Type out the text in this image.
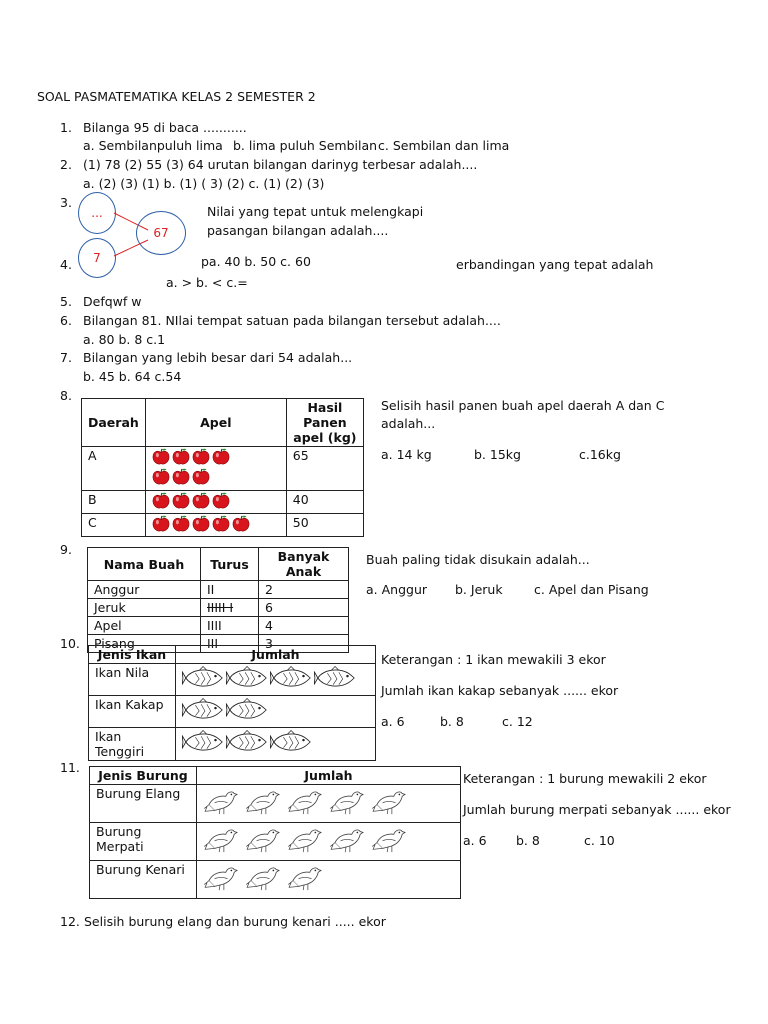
SOAL PASMATEMATIKA KELAS 2 SEMESTER 2
1. Bilanga 95 di baca ...........
a. Sembilanpuluh lima b. lima puluh Sembilan c. Sembilan dan lima
2. (1) 78 (2) 55 (3) 64 urutan bilangan darinyg terbesar adalah....
a. (2) (3) (1) b. (1) ( 3) (2) c. (1) (2) (3)
3.
...
67
7
Nilai yang tepat untuk melengkapi
pasangan bilangan adalah....
pa. 40 b. 50 c. 60
4.	erbandingan yang tepat adalah
a. > b. < c.=
5. Defqwf w
6. Bilangan 81. NIlai tempat satuan pada bilangan tersebut adalah....
a. 80 b. 8 c.1
7. Bilangan yang lebih besar dari 54 adalah...
b. 45 b. 64 c.54
8.
Daerah	Apel	Hasil Panen apel (kg)
A		65
B		40
C		50
Selisih hasil panen buah apel daerah A dan C
adalah...
a. 14 kg	b. 15kg	c.16kg
9.
Nama Buah	Turus	Banyak Anak
Anggur	II	2
Jeruk	IIIII I	6
Apel	IIII	4
Pisang	III	3
Buah paling tidak disukain adalah...
a. Anggur b. Jeruk	c. Apel dan Pisang
10.
Jenis Ikan	Jumlah
Ikan Nila	
Ikan Kakap	
Ikan Tenggiri	
Keterangan : 1 ikan mewakili 3 ekor
Jumlah ikan kakap sebanyak ...... ekor
a. 6	b. 8	c. 12
11.
Jenis Burung	Jumlah
Burung Elang	
Burung Merpati	
Burung Kenari	
Keterangan : 1 burung mewakili 2 ekor
Jumlah burung merpati sebanyak ...... ekor
a. 6 b. 8	c. 10
12. Selisih burung elang dan burung kenari ..... ekor
